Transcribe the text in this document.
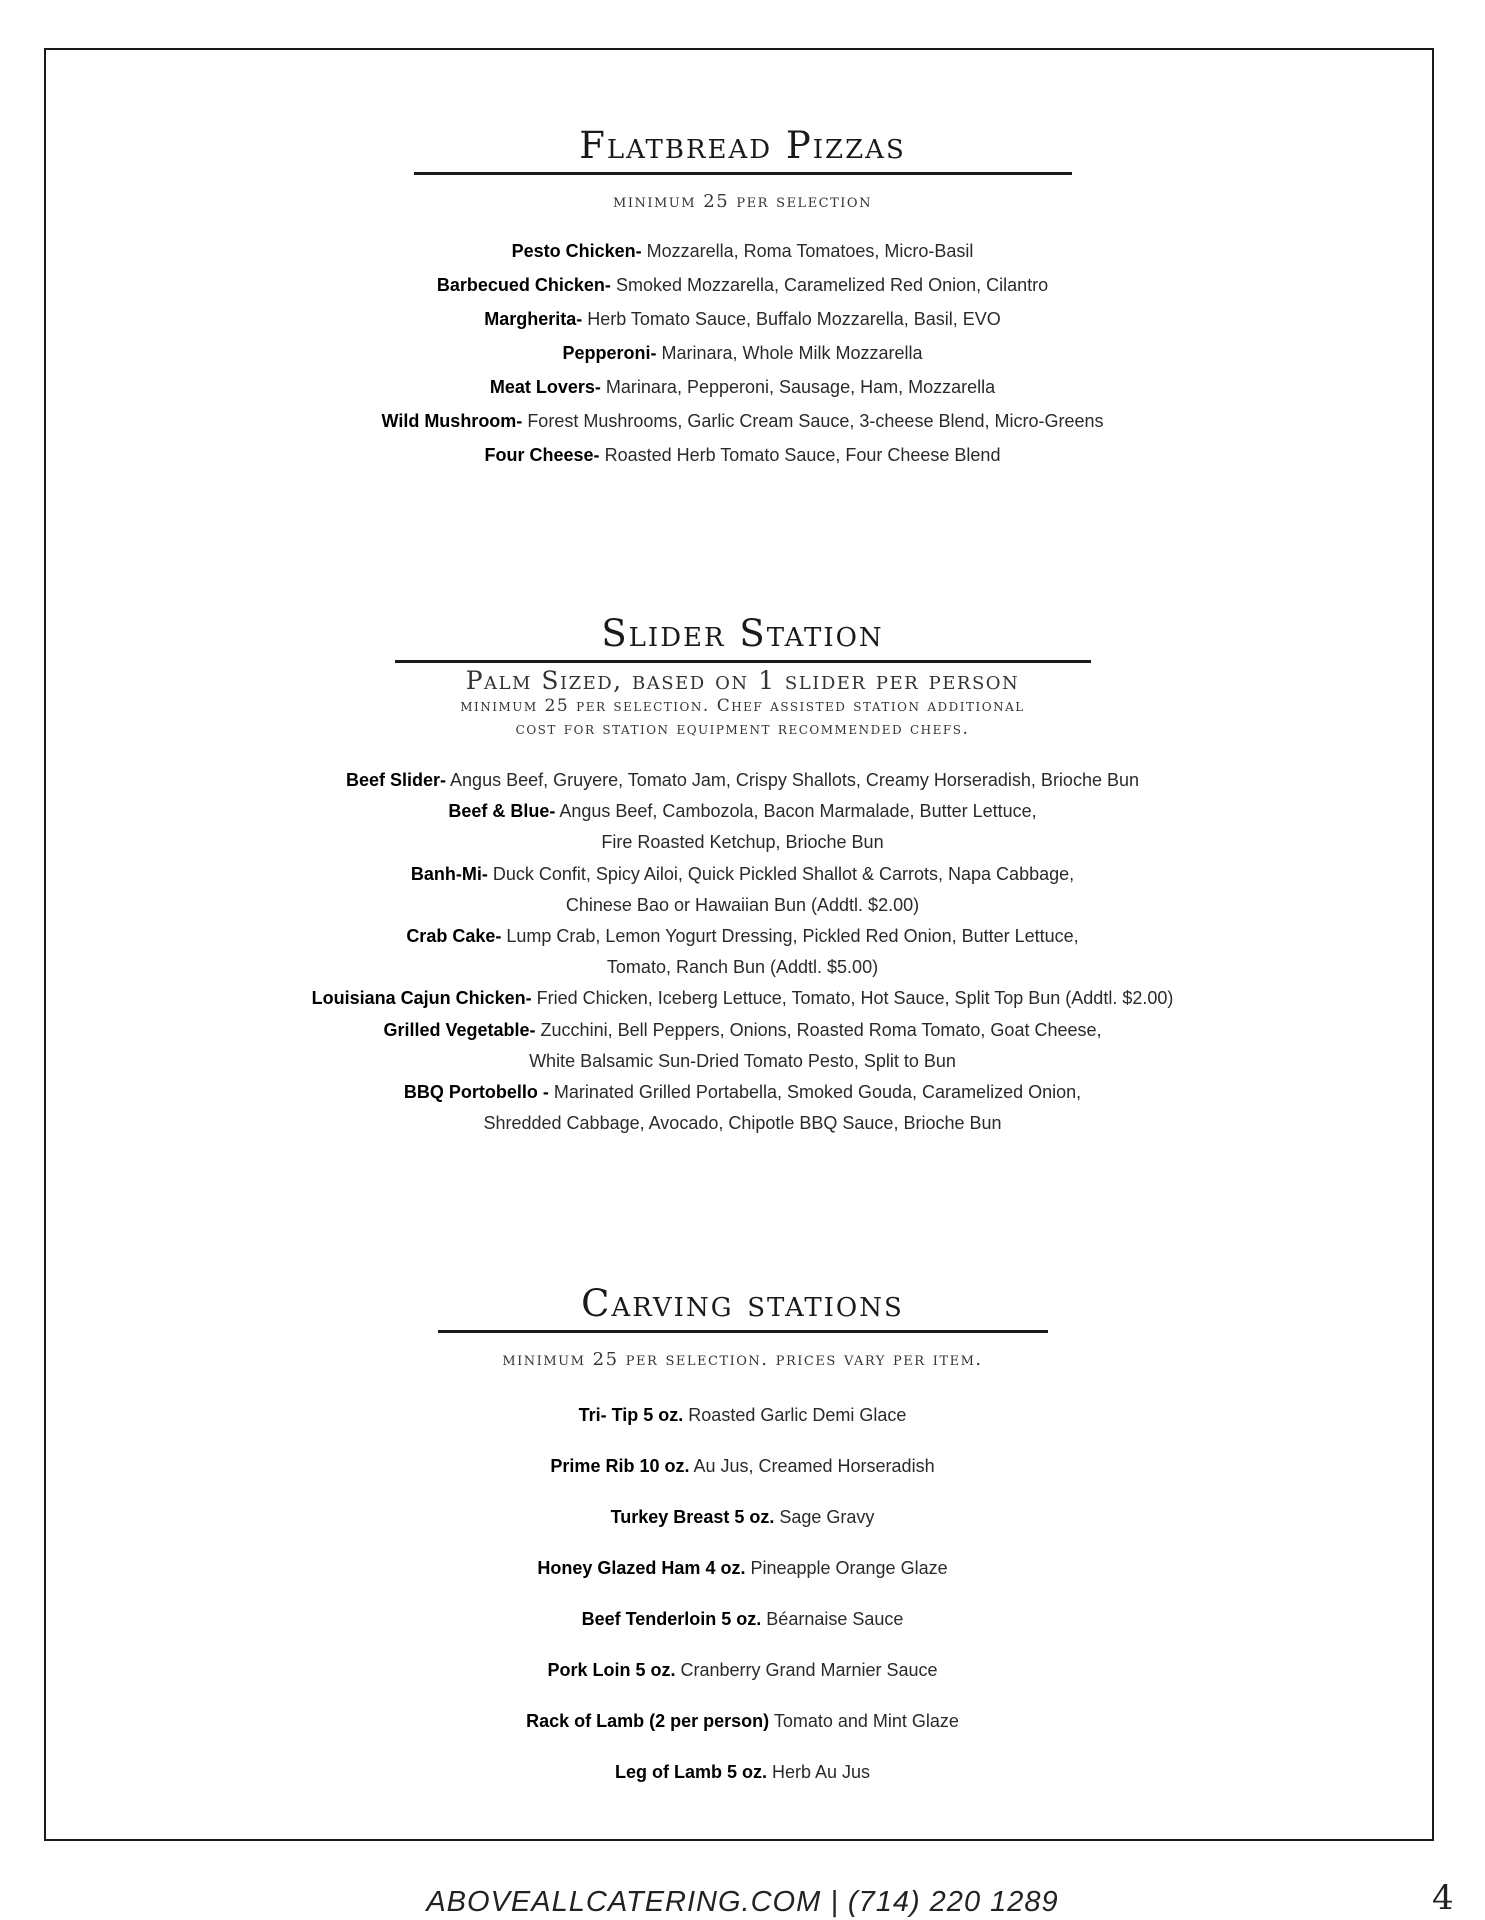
Flatbread Pizzas
minimum 25 per selection
Pesto Chicken- Mozzarella, Roma Tomatoes, Micro-Basil
Barbecued Chicken- Smoked Mozzarella, Caramelized Red Onion, Cilantro
Margherita- Herb Tomato Sauce, Buffalo Mozzarella, Basil, EVO
Pepperoni- Marinara, Whole Milk Mozzarella
Meat Lovers- Marinara, Pepperoni, Sausage, Ham, Mozzarella
Wild Mushroom- Forest Mushrooms, Garlic Cream Sauce, 3-cheese Blend, Micro-Greens
Four Cheese- Roasted Herb Tomato Sauce, Four Cheese Blend
Slider Station
Palm Sized, based on 1 slider per person
minimum 25 per selection. Chef assisted station additional
cost for station equipment recommended chefs.
Beef Slider- Angus Beef, Gruyere, Tomato Jam, Crispy Shallots, Creamy Horseradish, Brioche Bun
Beef & Blue- Angus Beef, Cambozola, Bacon Marmalade, Butter Lettuce,
Fire Roasted Ketchup, Brioche Bun
Banh-Mi- Duck Confit, Spicy Ailoi, Quick Pickled Shallot & Carrots, Napa Cabbage,
Chinese Bao or Hawaiian Bun (Addtl. $2.00)
Crab Cake- Lump Crab, Lemon Yogurt Dressing, Pickled Red Onion, Butter Lettuce,
Tomato, Ranch Bun (Addtl. $5.00)
Louisiana Cajun Chicken- Fried Chicken, Iceberg Lettuce, Tomato, Hot Sauce, Split Top Bun (Addtl. $2.00)
Grilled Vegetable- Zucchini, Bell Peppers, Onions, Roasted Roma Tomato, Goat Cheese,
White Balsamic Sun-Dried Tomato Pesto, Split to Bun
BBQ Portobello - Marinated Grilled Portabella, Smoked Gouda, Caramelized Onion,
Shredded Cabbage, Avocado, Chipotle BBQ Sauce, Brioche Bun
Carving stations
minimum 25 per selection. prices vary per item.
Tri- Tip 5 oz. Roasted Garlic Demi Glace
Prime Rib 10 oz. Au Jus, Creamed Horseradish
Turkey Breast 5 oz. Sage Gravy
Honey Glazed Ham 4 oz. Pineapple Orange Glaze
Beef Tenderloin 5 oz. Béarnaise Sauce
Pork Loin 5 oz. Cranberry Grand Marnier Sauce
Rack of Lamb (2 per person) Tomato and Mint Glaze
Leg of Lamb 5 oz. Herb Au Jus
ABOVEALLCATERING.COM | (714) 220 1289	4
